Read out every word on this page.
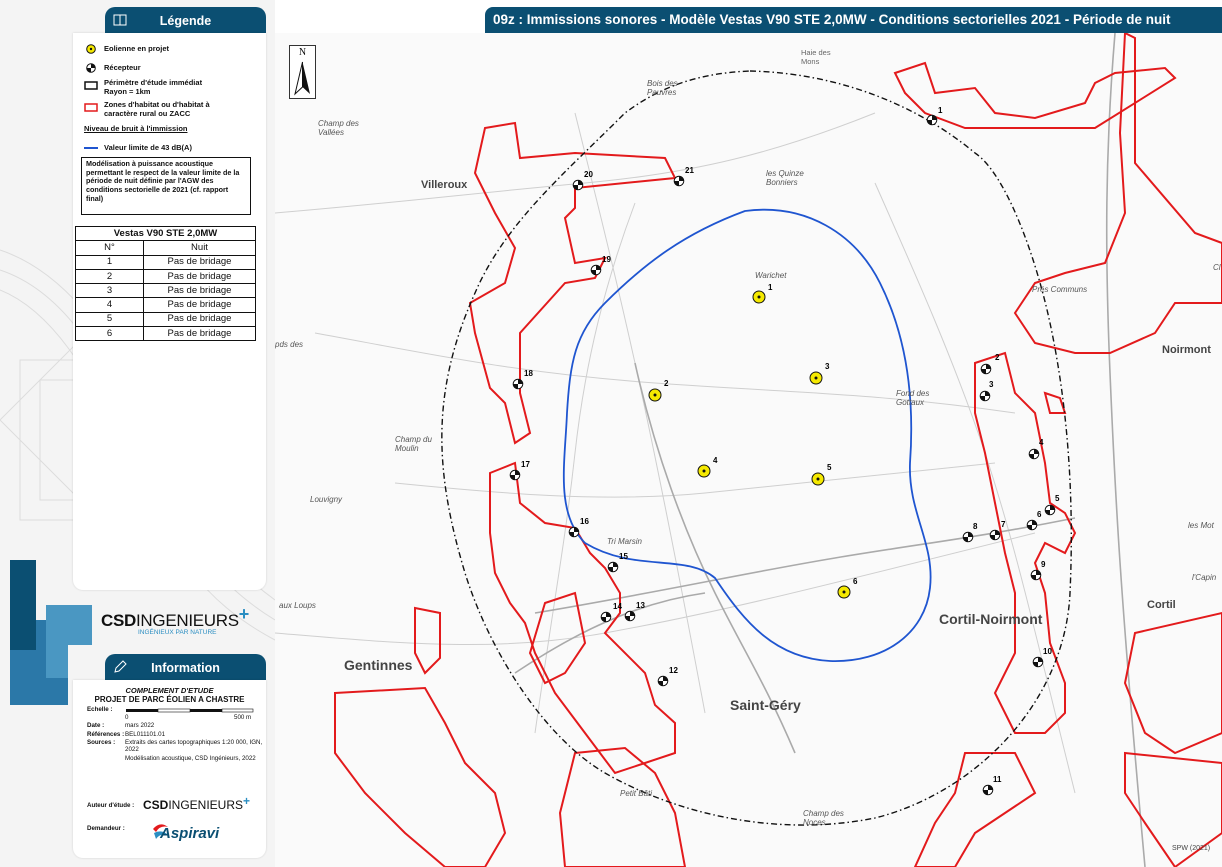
Légende
Eolienne en projet
Récepteur
Périmètre d'étude immédiat
Rayon = 1km
Zones d'habitat ou d'habitat à caractère rural ou ZACC
Niveau de bruit à l'immission
Valeur limite de 43 dB(A)
Modélisation à puissance acoustique permettant le respect de la valeur limite de la période de nuit définie par l'AGW des conditions sectorielle de 2021 (cf. rapport final)
Vestas V90 STE 2,0MW	
N°	Nuit
1	Pas de bridage
2	Pas de bridage
3	Pas de bridage
4	Pas de bridage
5	Pas de bridage
6	Pas de bridage
CSDINGENIEURS+
INGÉNIEUX PAR NATURE
Information
COMPLEMENT D'ETUDE
PROJET DE PARC ÉOLIEN A CHASTRE
Echelle :
0	500 m
Date :	mars 2022
Références : BEL011101.01
Sources : Extraits des cartes topographiques 1:20 000, IGN, 2022
Modélisation acoustique, CSD Ingénieurs, 2022
Auteur d'étude : CSDINGENIEURS+
Demandeur : Aspiravi
09z : Immissions sonores - Modèle Vestas V90 STE 2,0MW - Conditions sectorielles 2021 - Période de nuit
Haie des Mons
1
2
3
4
5
6
1
2
3
4
5
6
7
8
9
10
11
12
13
14
15
16
17
18
19
20	21
Bois des
Pauvres
Champ des
Vallées
les Quinze
Bonniers
Warichet
Prés Communs
Fond des
Gottaux
Champ du
Moulin
Louvigny
Tri Marsin
aux Loups
Petit Bâti
Champ des
Noces
les Mot
l'Capin
Cl
pds des
Villeroux
Gentinnes
Saint-Géry
Cortil-Noirmont
Noirmont
Cortil
SPW (2021)
N
